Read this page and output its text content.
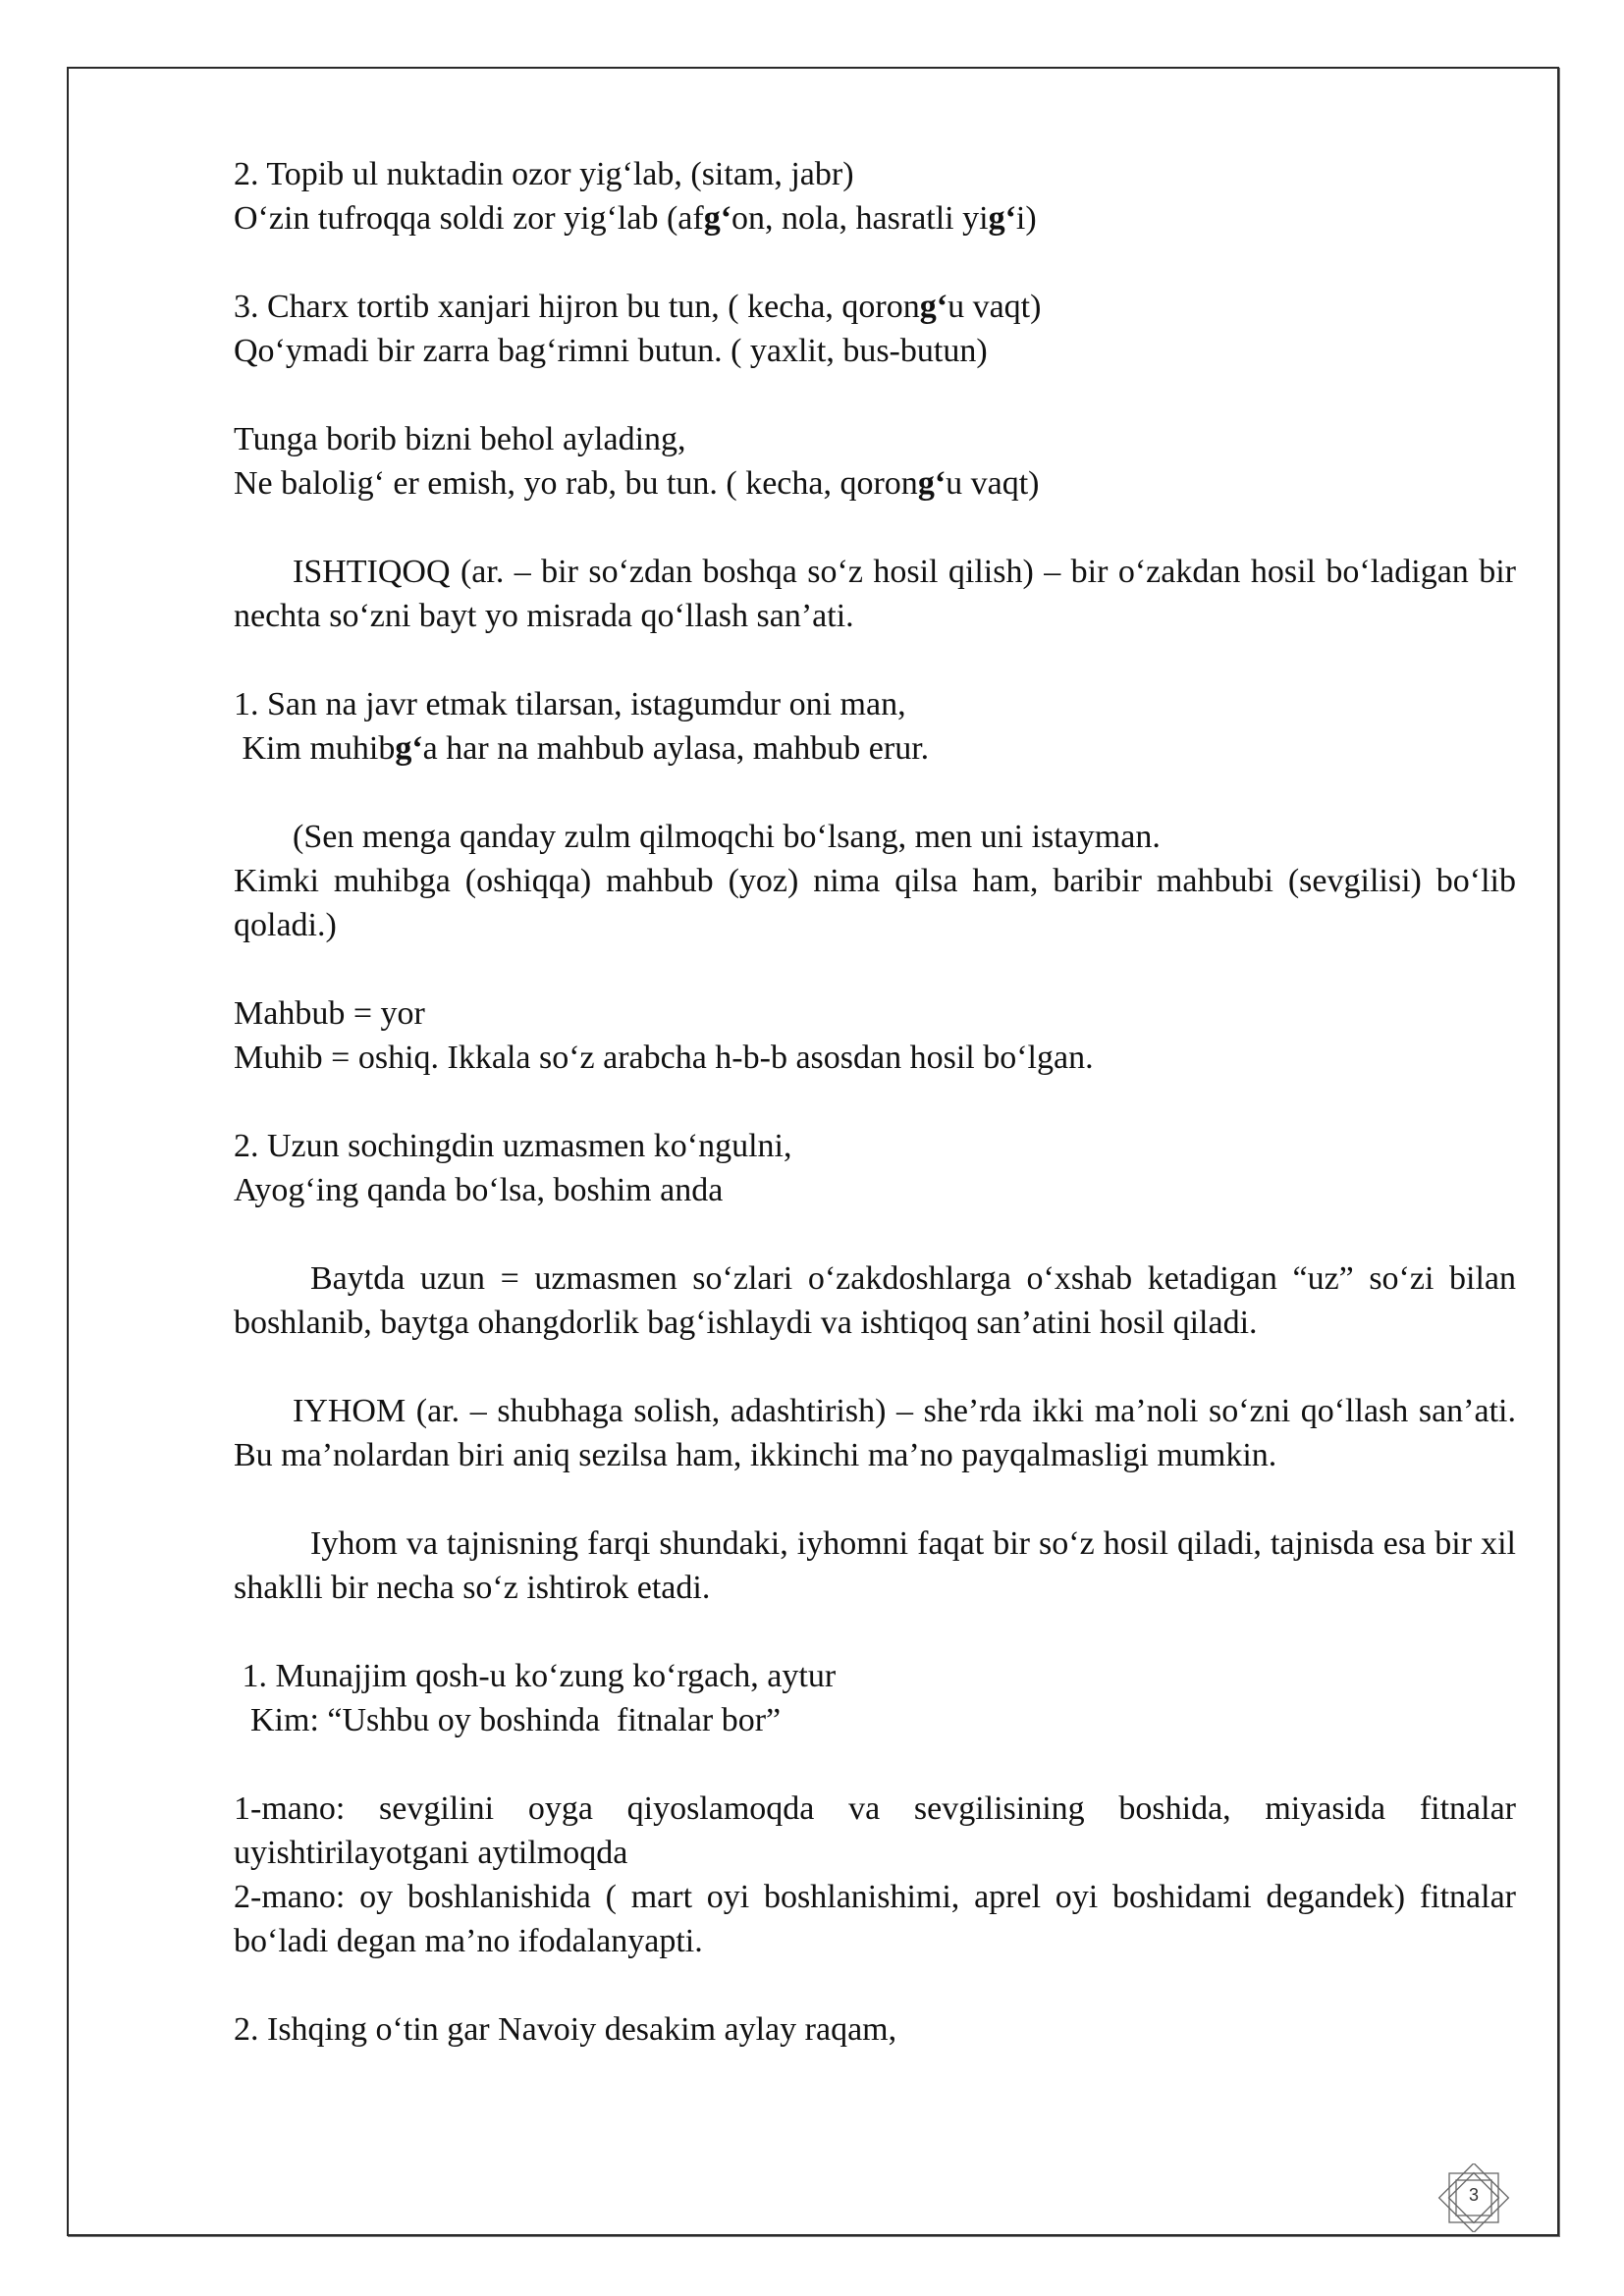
2. Topib ul nuktadin ozor yig‘lab, (sitam, jabr)

O‘zin tufroqqa soldi zor yig‘lab (afg‘on, nola, hasratli yig‘i)

3. Charx tortib xanjari hijron bu tun, ( kecha, qorong‘u vaqt)

Qo‘ymadi bir zarra bag‘rimni butun. ( yaxlit, bus-butun)

Tunga borib bizni behol aylading,

Ne balolig‘ er emish, yo rab, bu tun. ( kecha, qorong‘u vaqt)

ISHTIQOQ (ar. – bir so‘zdan boshqa so‘z hosil qilish) – bir o‘zakdan hosil bo‘ladigan bir nechta so‘zni bayt yo misrada qo‘llash san’ati.

1. San na javr etmak tilarsan, istagumdur oni man,

Kim muhibg‘a har na mahbub aylasa, mahbub erur.

(Sen menga qanday zulm qilmoqchi bo‘lsang, men uni istayman.

Kimki muhibga (oshiqqa) mahbub (yoz) nima qilsa ham, baribir mahbubi (sevgilisi) bo‘lib qoladi.)

Mahbub = yor

Muhib = oshiq. Ikkala so‘z arabcha h-b-b asosdan hosil bo‘lgan.

2. Uzun sochingdin uzmasmen ko‘ngulni,

Ayog‘ing qanda bo‘lsa, boshim anda

Baytda uzun = uzmasmen so‘zlari o‘zakdoshlarga o‘xshab ketadigan “uz” so‘zi bilan boshlanib, baytga ohangdorlik bag‘ishlaydi va ishtiqoq san’atini hosil qiladi.

IYHOM (ar. – shubhaga solish, adashtirish) – she’rda ikki ma’noli so‘zni qo‘llash san’ati. Bu ma’nolardan biri aniq sezilsa ham, ikkinchi ma’no payqalmasligi mumkin.

Iyhom va tajnisning farqi shundaki, iyhomni faqat bir so‘z hosil qiladi, tajnisda esa bir xil shaklli bir necha so‘z ishtirok etadi.

1. Munajjim qosh-u ko‘zung ko‘rgach, aytur

Kim: “Ushbu oy boshinda  fitnalar bor”

1-mano: sevgilini oyga qiyoslamoqda va sevgilisining boshida, miyasida fitnalar uyishtirilayotgani aytilmoqda

2-mano: oy boshlanishida ( mart oyi boshlanishimi, aprel oyi boshidami degandek) fitnalar bo‘ladi degan ma’no ifodalanyapti.

2. Ishqing o‘tin gar Navoiy desakim aylay raqam,

3
